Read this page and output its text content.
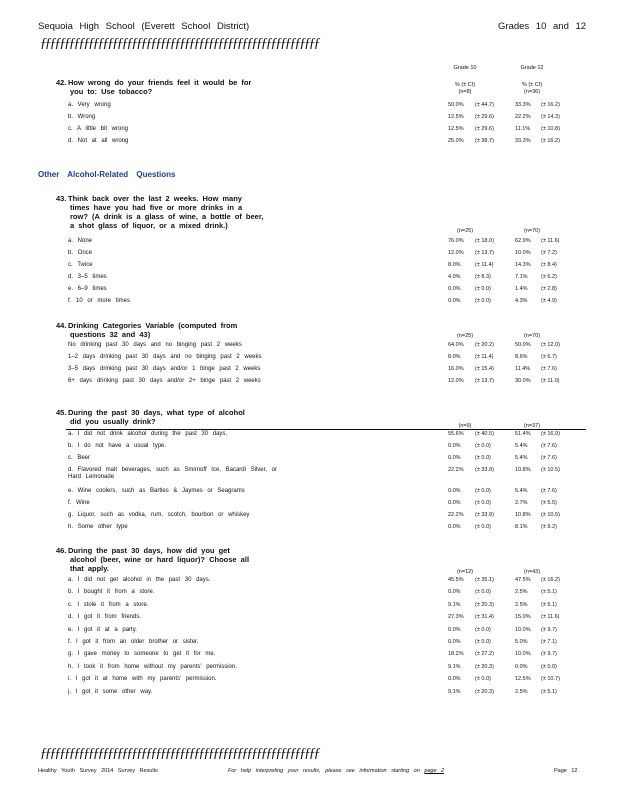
Sequoia High School (Everett School District)	Grades 10 and 12
ƒƒƒƒƒƒƒƒƒƒƒƒƒƒƒƒƒƒƒƒƒƒƒƒƒƒƒƒƒƒƒƒƒƒƒƒƒƒƒƒƒƒƒƒƒƒƒƒƒƒƒƒƒƒƒƒƒƒ
Grade 10	Grade 12
% (± CI)	% (± CI)
(n=8)	(n=36)
Other Alcohol-Related Questions
42. How wrong do your friends feel it would be for
you to: Use tobacco?
a. Very wrong	50.0% (± 44.7)	33.3% (± 16.2)
b. Wrong	12.5% (± 29.6)	22.2% (± 14.3)
c. A little bit wrong	12.5% (± 29.6)	11.1% (± 10.8)
d. Not at all wrong	25.0% (± 38.7)	33.3% (± 16.2)
43. Think back over the last 2 weeks. How many
times have you had five or more drinks in a
row? (A drink is a glass of wine, a bottle of beer,
a shot glass of liquor, or a mixed drink.)
(n=25)	(n=70)
a. None	76.0% (± 18.0)	62.9% (± 11.6)
b. Once	12.0% (± 13.7)	10.0% (± 7.2)
c. Twice	8.0%	(± 11.4)	14.3% (± 8.4)
d. 3–5 times	4.0%	(± 8.3)	7.1% (± 6.2)
e. 6–9 times	0.0%	(± 0.0)	1.4% (± 2.8)
f. 10 or more times	0.0%	(± 0.0)	4.3% (± 4.9)
44. Drinking Categories Variable (computed from
questions 32 and 43)	(n=25)	(n=70)
No drinking past 30 days and no binging past 2 weeks	64.0% (± 20.2)	50.0% (± 12.0)
1–2 days drinking past 30 days and no binging past 2 weeks	8.0%	(± 11.4)	8.6% (± 6.7)
3–5 days drinking past 30 days and/or 1 binge past 2 weeks	16.0% (± 15.4)	11.4% (± 7.6)
6+ days drinking past 30 days and/or 2+ binge past 2 weeks	12.0% (± 13.7)	30.0% (± 11.0)
45. During the past 30 days, what type of alcohol
did you usually drink?	(n=9)	(n=37)
a. I did not drink alcohol during the past 30 days.	55.6% (± 40.5)	51.4% (± 16.9)
b. I do not have a usual type.	0.0%	(± 0.0)	5.4% (± 7.6)
c. Beer	0.0%	(± 0.0)	5.4% (± 7.6)
d. Flavored malt beverages, such as Smirnoff Ice, Bacardi Silver, or Hard Lemonade
22.2% (± 33.9)	10.8% (± 10.5)
e. Wine coolers, such as Bartles & Jaymes or Seagrams	0.0%	(± 0.0)	5.4% (± 7.6)
f. Wine	0.0%	(± 0.0)	2.7% (± 5.5)
g. Liquor, such as vodka, rum, scotch, bourbon or whiskey	22.2% (± 33.9)	10.8% (± 10.5)
h. Some other type	0.0%	(± 0.0)	8.1% (± 9.2)
46. During the past 30 days, how did you get
alcohol (beer, wine or hard liquor)? Choose all
that apply.	(n=12)	(n=43)
a. I did not get alcohol in the past 30 days.	45.5% (± 35.1)	47.5% (± 16.2)
b. I bought it from a store.	0.0%	(± 0.0)	2.5% (± 5.1)
c. I stole it from a store.	9.1%	(± 20.3)	2.5% (± 5.1)
d. I got it from friends.	27.3% (± 31.4)	15.0% (± 11.6)
e. I got it at a party.	0.0%	(± 0.0)	10.0% (± 9.7)
f. I got it from an older brother or sister.	0.0%	(± 0.0)	5.0% (± 7.1)
g. I gave money to someone to get it for me.	18.2% (± 27.2)	10.0% (± 9.7)
h. I took it from home without my parents' permission.	9.1%	(± 20.3)	0.0% (± 0.0)
i. I got it at home with my parents' permission.	0.0%	(± 0.0)	12.5% (± 10.7)
j. I got it some other way.	9.1%	(± 20.3)	2.5% (± 5.1)
ƒƒƒƒƒƒƒƒƒƒƒƒƒƒƒƒƒƒƒƒƒƒƒƒƒƒƒƒƒƒƒƒƒƒƒƒƒƒƒƒƒƒƒƒƒƒƒƒƒƒƒƒƒƒƒƒƒƒ
Healthy Youth Survey 2014 Survey Results	For help interpreting your results, please see information starting on page 2	Page 12
